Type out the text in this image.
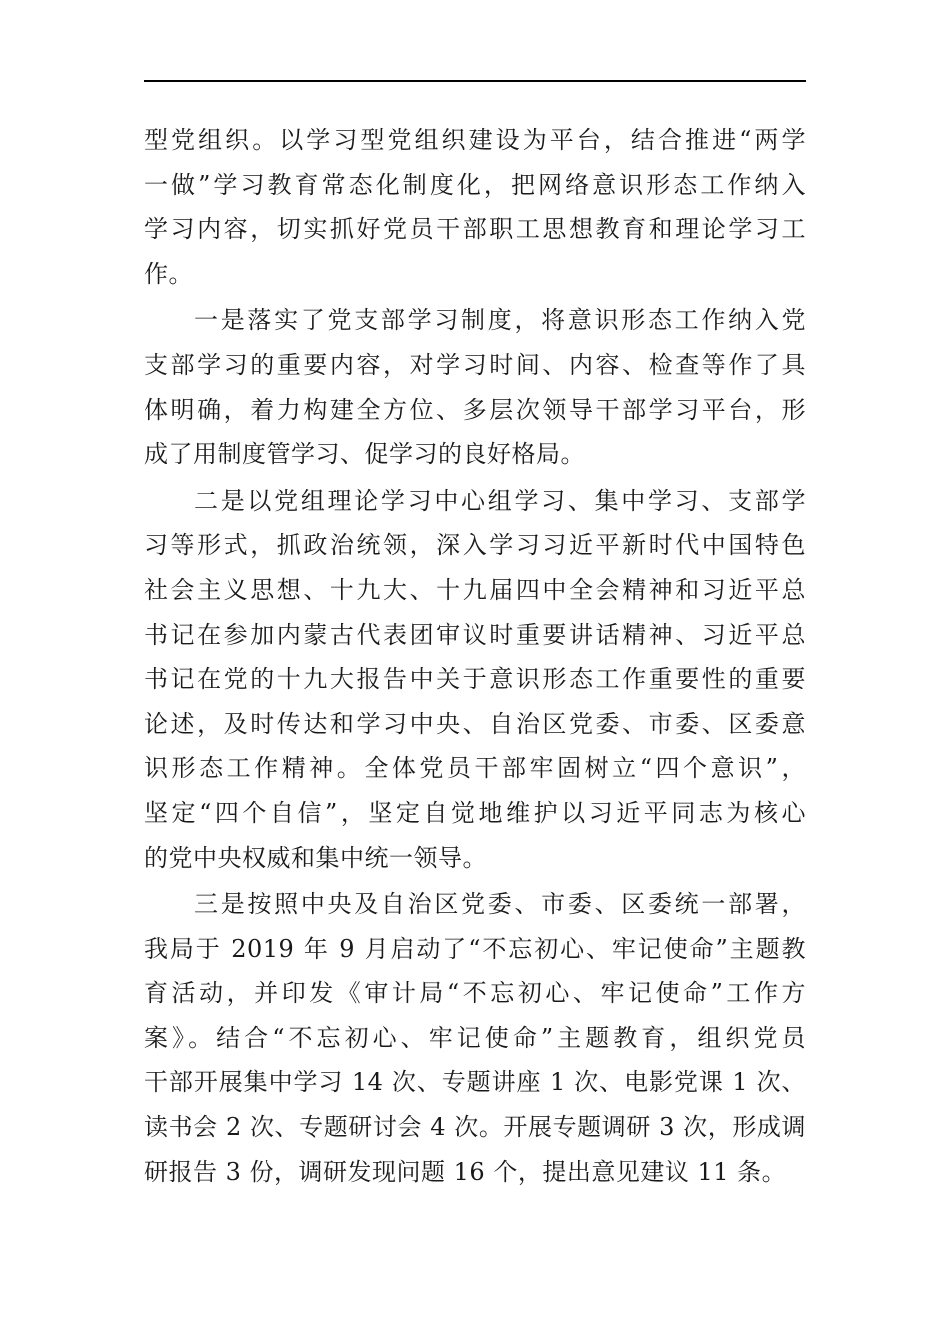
型党组织。以学习型党组织建设为平台，结合推进“两学
一做”学习教育常态化制度化，把网络意识形态工作纳入
学习内容，切实抓好党员干部职工思想教育和理论学习工
作。
一是落实了党支部学习制度，将意识形态工作纳入党
支部学习的重要内容，对学习时间、内容、检查等作了具
体明确，着力构建全方位、多层次领导干部学习平台，形
成了用制度管学习、促学习的良好格局。
二是以党组理论学习中心组学习、集中学习、支部学
习等形式，抓政治统领，深入学习习近平新时代中国特色
社会主义思想、十九大、十九届四中全会精神和习近平总
书记在参加内蒙古代表团审议时重要讲话精神、习近平总
书记在党的十九大报告中关于意识形态工作重要性的重要
论述，及时传达和学习中央、自治区党委、市委、区委意
识形态工作精神。全体党员干部牢固树立“四个意识”，
坚定“四个自信”，坚定自觉地维护以习近平同志为核心
的党中央权威和集中统一领导。
三是按照中央及自治区党委、市委、区委统一部署，
我局于 2019 年 9 月启动了“不忘初心、牢记使命”主题教
育活动，并印发《审计局“不忘初心、牢记使命”工作方
案》。结合“不忘初心、牢记使命”主题教育，组织党员
干部开展集中学习 14 次、专题讲座 1 次、电影党课 1 次、
读书会 2 次、专题研讨会 4 次。开展专题调研 3 次，形成调
研报告 3 份，调研发现问题 16 个，提出意见建议 11 条。
